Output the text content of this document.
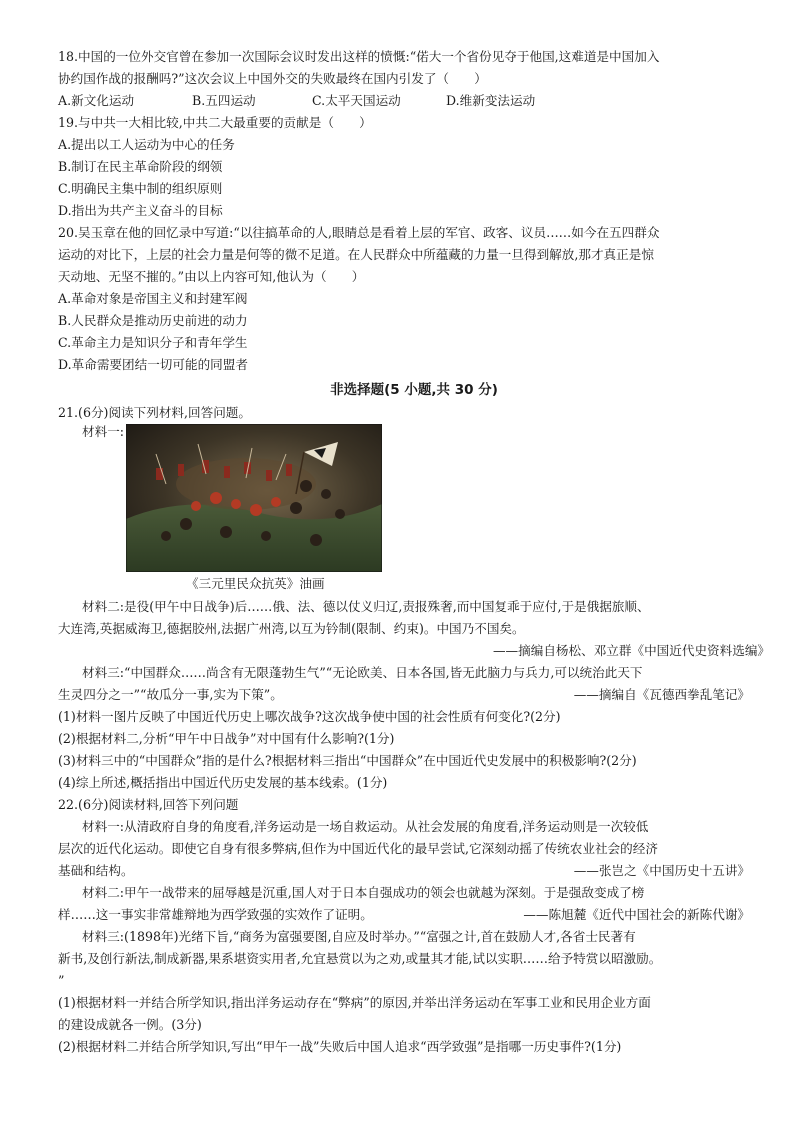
18.中国的一位外交官曾在参加一次国际会议时发出这样的愤慨:“偌大一个省份见夺于他国,这难道是中国加入
协约国作战的报酬吗?”这次会议上中国外交的失败最终在国内引发了（　　）
A.新文化运动	B.五四运动	C.太平天国运动	D.维新变法运动
19.与中共一大相比较,中共二大最重要的贡献是（　　）
A.提出以工人运动为中心的任务
B.制订在民主革命阶段的纲领
C.明确民主集中制的组织原则
D.指出为共产主义奋斗的目标
20.吴玉章在他的回忆录中写道:“以往搞革命的人,眼睛总是看着上层的军官、政客、议员……如今在五四群众
运动的对比下，上层的社会力量是何等的微不足道。在人民群众中所蕴藏的力量一旦得到解放,那才真正是惊
天动地、无坚不摧的。”由以上内容可知,他认为（　　）
A.革命对象是帝国主义和封建军阀
B.人民群众是推动历史前进的动力
C.革命主力是知识分子和青年学生
D.革命需要团结一切可能的同盟者
非选择题(5 小题,共 30 分)
21.(6分)阅读下列材料,回答问题。
材料一:
《三元里民众抗英》油画
材料二:是役(甲午中日战争)后……俄、法、德以仗义归辽,责报殊奢,而中国复乖于应付,于是俄据旅顺、
大连湾,英据威海卫,德据胶州,法据广州湾,以互为钤制(限制、约束)。中国乃不国矣。
——摘编自杨松、邓立群《中国近代史资料选编》
材料三:“中国群众……尚含有无限蓬勃生气”“无论欧美、日本各国,皆无此脑力与兵力,可以统治此天下
生灵四分之一”“故瓜分一事,实为下策”。	——摘编自《瓦德西拳乱笔记》
(1)材料一图片反映了中国近代历史上哪次战争?这次战争使中国的社会性质有何变化?(2分)
(2)根据材料二,分析“甲午中日战争”对中国有什么影响?(1分)
(3)材料三中的“中国群众”指的是什么?根据材料三指出“中国群众”在中国近代史发展中的积极影响?(2分)
(4)综上所述,概括指出中国近代历史发展的基本线索。(1分)
22.(6分)阅读材料,回答下列问题
材料一:从清政府自身的角度看,洋务运动是一场自救运动。从社会发展的角度看,洋务运动则是一次较低
层次的近代化运动。即使它自身有很多弊病,但作为中国近代化的最早尝试,它深刻动摇了传统农业社会的经济
基础和结构。	——张岂之《中国历史十五讲》
材料二:甲午一战带来的屈辱越是沉重,国人对于日本自强成功的领会也就越为深刻。于是强敌变成了榜
样……这一事实非常雄辩地为西学致强的实效作了证明。	——陈旭麓《近代中国社会的新陈代谢》
材料三:(1898年)光绪下旨,“商务为富强要图,自应及时举办。”“富强之计,首在鼓励人才,各省士民著有
新书,及创行新法,制成新器,果系堪资实用者,允宜悬赏以为之劝,或量其才能,试以实职……给予特赏以昭激励。
”
(1)根据材料一并结合所学知识,指出洋务运动存在“弊病”的原因,并举出洋务运动在军事工业和民用企业方面
的建设成就各一例。(3分)
(2)根据材料二并结合所学知识,写出“甲午一战”失败后中国人追求“西学致强”是指哪一历史事件?(1分)
